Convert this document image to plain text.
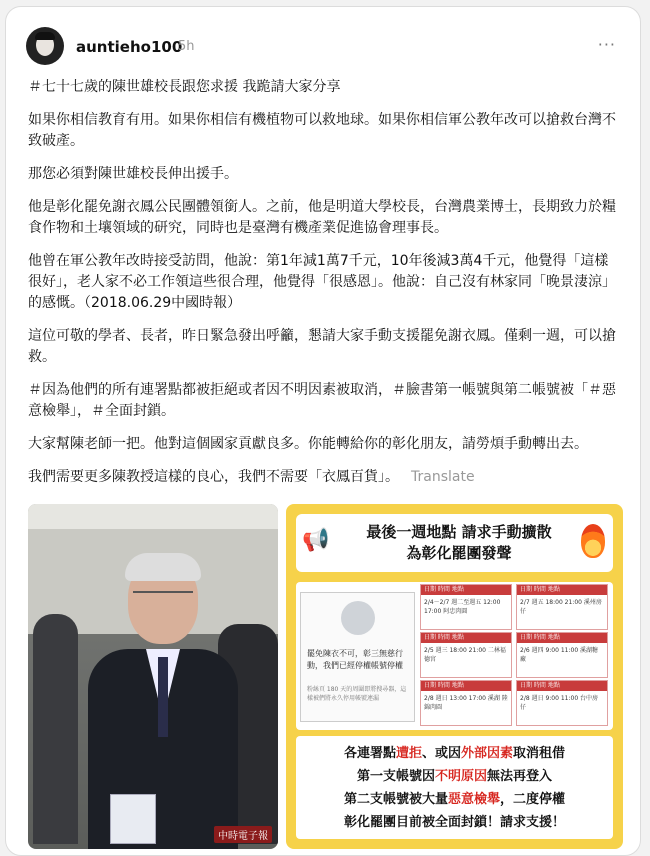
auntieho100
5h	···

＃七十七歲的陳世雄校長跟您求援 我跪請大家分享

如果你相信教育有用。如果你相信有機植物可以救地球。如果你相信軍公教年改可以搶救台灣不致破產。

那您必須對陳世雄校長伸出援手。

他是彰化罷免謝衣鳳公民團體領銜人。之前，他是明道大學校長，台灣農業博士，長期致力於糧食作物和土壤領域的研究，同時也是臺灣有機產業促進協會理事長。

他曾在軍公教年改時接受訪問，他說：第1年減1萬7千元，10年後減3萬4千元，他覺得「這樣很好」，老人家不必工作領這些很合理，他覺得「很感恩」。他說：自己沒有林家同「晚景淒涼」的感慨。（2018.06.29中國時報）

這位可敬的學者、長者，昨日緊急發出呼籲，懇請大家手動支援罷免謝衣鳳。僅剩一週，可以搶救。

＃因為他們的所有連署點都被拒絕或者因不明因素被取消，＃臉書第一帳號與第二帳號被「＃惡意檢舉」，＃全面封鎖。

大家幫陳老師一把。他對這個國家貢獻良多。你能轉給你的彰化朋友，請勞煩手動轉出去。

我們需要更多陳教授這樣的良心，我們不需要「衣鳳百貨」。 Translate

中時電子報
📢	最後一週地點 請求手動擴散
為彰化罷團發聲
罷免陳衣不可，彰三無慈行動，我們已經停權帳號停權
粉絲頁 180 天的周圍即將搜尋器，這樣被們將永久停用帳號連漏
日期 時間 地點
2/4－2/7 週二至週五 12:00 17:00 阿忠肉圓
日期 時間 地點
2/7 週五 18:00 21:00 溪州房仔
日期 時間 地點
2/5 週三 18:00 21:00 二林福德宮
日期 時間 地點
2/6 週四 9:00 11:00 溪湖糖廠
日期 時間 地點
2/8 週日 13:00 17:00 溪湖 陸錦肉圓
日期 時間 地點
2/8 週日 9:00 11:00 台中房仔
各連署點遭拒、或因外部因素取消租借
第一支帳號因不明原因無法再登入
第二支帳號被大量惡意檢舉，二度停權
彰化罷團目前被全面封鎖！請求支援！
